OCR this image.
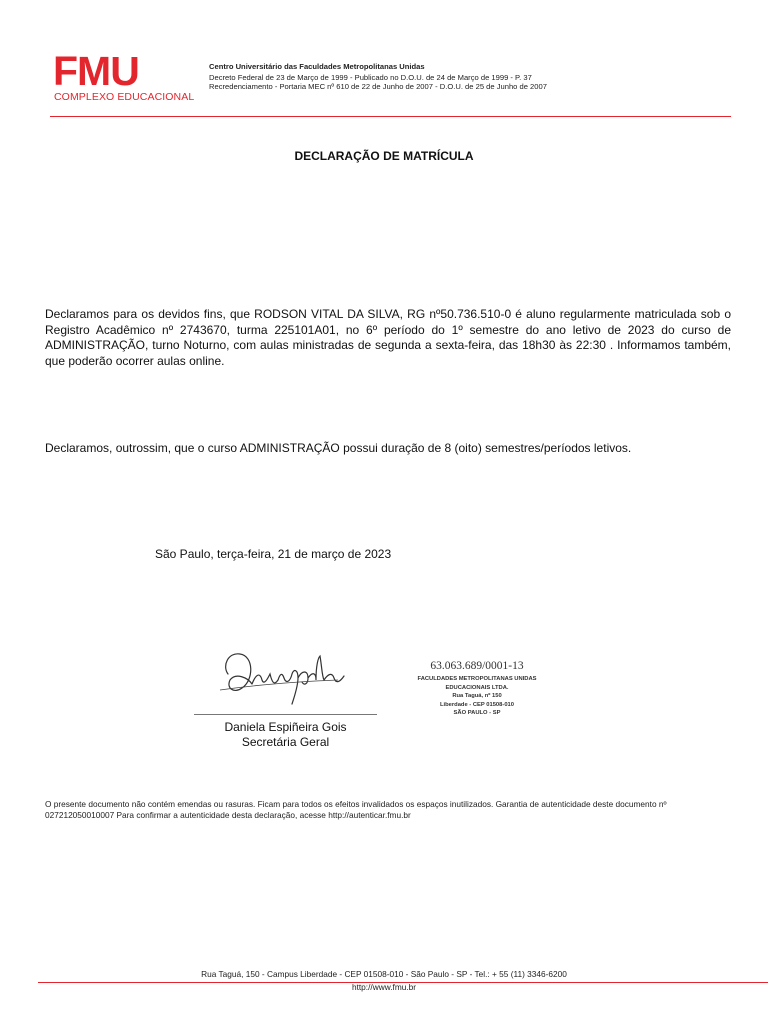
FMU
COMPLEXO EDUCACIONAL
Centro Universitário das Faculdades Metropolitanas Unidas
Decreto Federal de 23 de Março de 1999 - Publicado no D.O.U. de 24 de Março de 1999 - P. 37
Recredenciamento - Portaria MEC nº 610 de 22 de Junho de 2007 - D.O.U. de 25 de Junho de 2007
DECLARAÇÃO DE MATRÍCULA
Declaramos para os devidos fins, que RODSON VITAL DA SILVA, RG nº50.736.510-0 é aluno regularmente matriculada sob o Registro Acadêmico nº 2743670, turma 225101A01, no 6º período do 1º semestre do ano letivo de 2023 do curso de ADMINISTRAÇÃO, turno Noturno, com aulas ministradas de segunda a sexta-feira, das 18h30 às 22:30 . Informamos também, que poderão ocorrer aulas online.
Declaramos, outrossim, que o curso ADMINISTRAÇÃO possui duração de 8 (oito) semestres/períodos letivos.
São Paulo, terça-feira, 21 de março de 2023
Daniela Espiñeira Gois
Secretária Geral
63.063.689/0001-13
FACULDADES METROPOLITANAS UNIDAS
EDUCACIONAIS LTDA.
Rua Taguá, nº 150
Liberdade - CEP 01508-010
SÃO PAULO - SP
O presente documento não contém emendas ou rasuras. Ficam para todos os efeitos invalidados os espaços inutilizados. Garantia de autenticidade deste documento nº 027212050010007 Para confirmar a autenticidade desta declaração, acesse http://autenticar.fmu.br
Rua Taguá, 150 - Campus Liberdade - CEP 01508-010 - São Paulo - SP - Tel.: + 55 (11) 3346-6200
http://www.fmu.br
